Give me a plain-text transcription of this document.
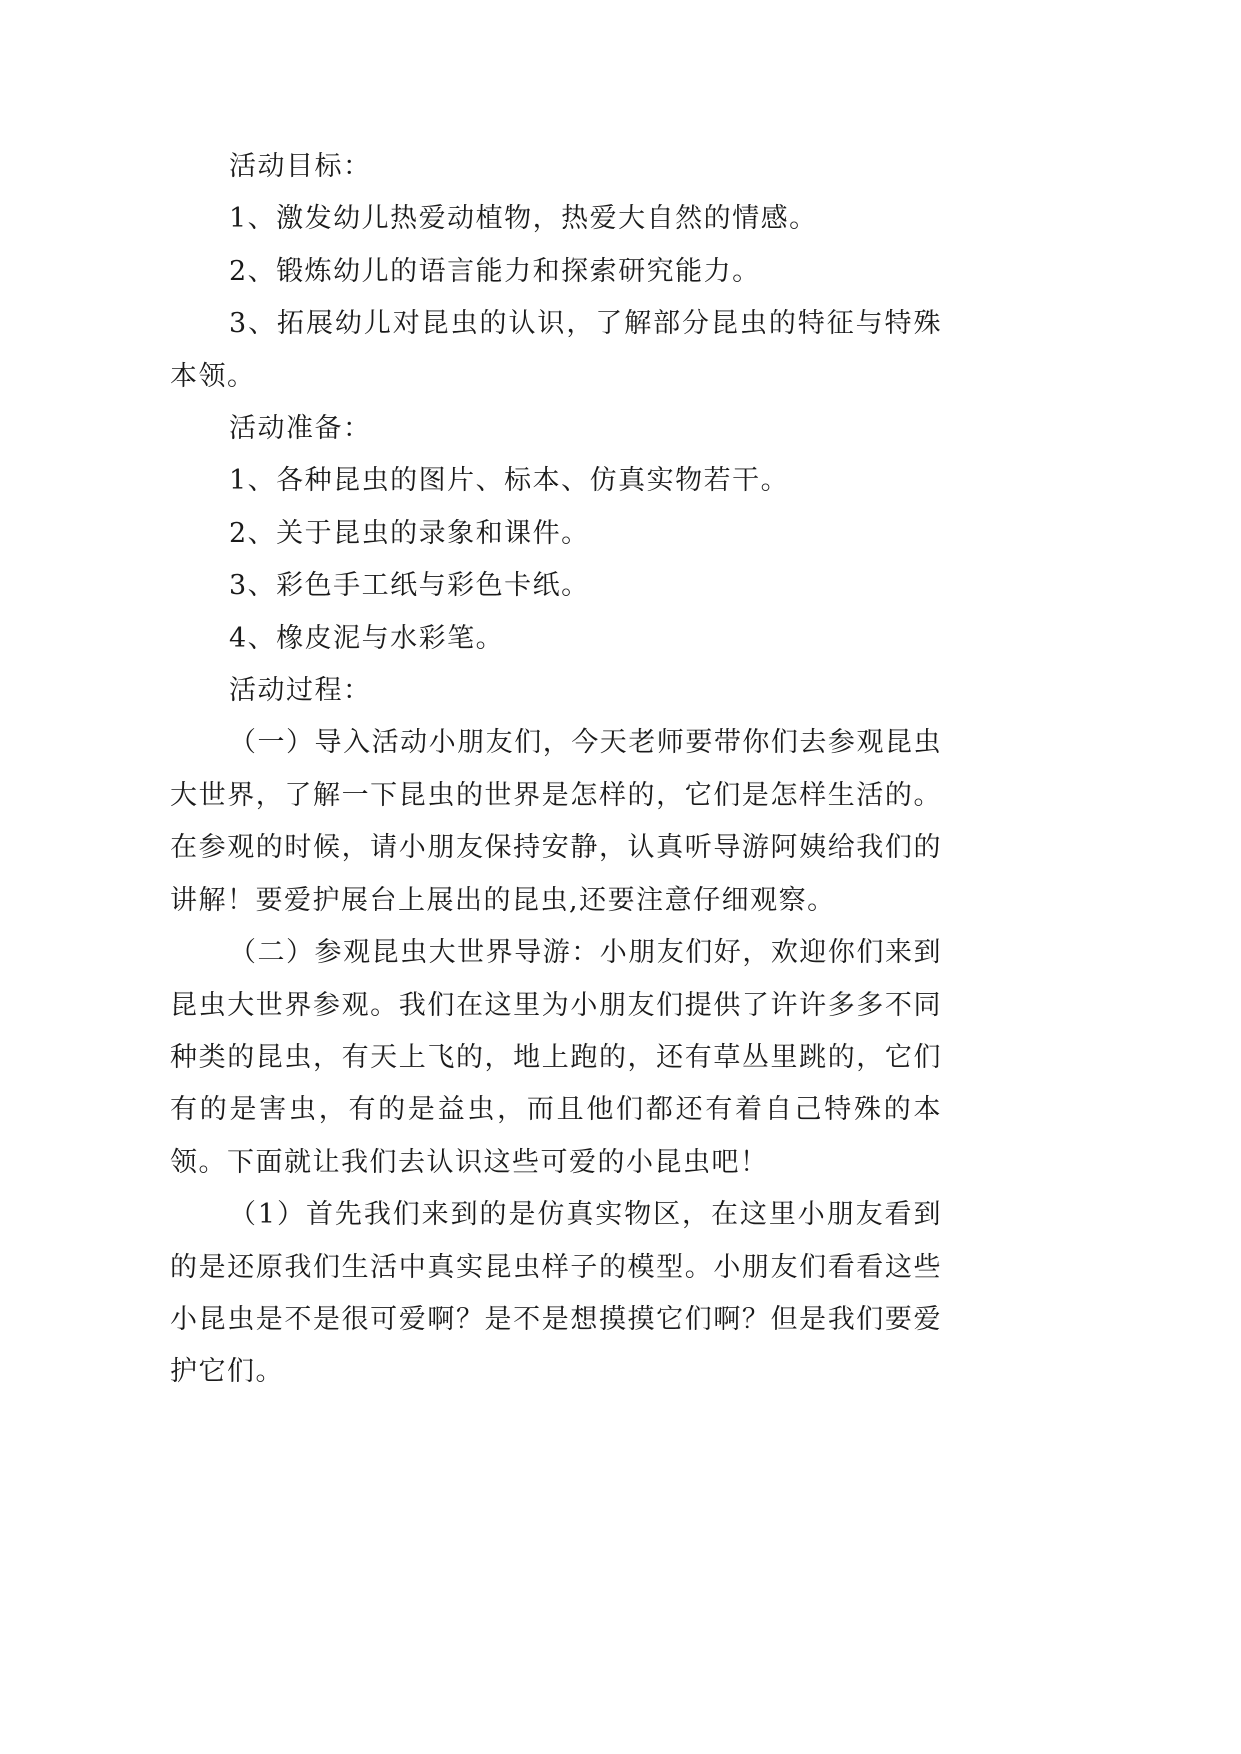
活动目标：

1、激发幼儿热爱动植物，热爱大自然的情感。

2、锻炼幼儿的语言能力和探索研究能力。

3、拓展幼儿对昆虫的认识，了解部分昆虫的特征与特殊本领。

活动准备：

1、各种昆虫的图片、标本、仿真实物若干。

2、关于昆虫的录象和课件。

3、彩色手工纸与彩色卡纸。

4、橡皮泥与水彩笔。

活动过程：

（一）导入活动小朋友们，今天老师要带你们去参观昆虫大世界，了解一下昆虫的世界是怎样的，它们是怎样生活的。在参观的时候，请小朋友保持安静，认真听导游阿姨给我们的讲解！要爱护展台上展出的昆虫,还要注意仔细观察。

（二）参观昆虫大世界导游：小朋友们好，欢迎你们来到昆虫大世界参观。我们在这里为小朋友们提供了许许多多不同种类的昆虫，有天上飞的，地上跑的，还有草丛里跳的，它们有的是害虫，有的是益虫，而且他们都还有着自己特殊的本领。下面就让我们去认识这些可爱的小昆虫吧！

（1）首先我们来到的是仿真实物区，在这里小朋友看到的是还原我们生活中真实昆虫样子的模型。小朋友们看看这些小昆虫是不是很可爱啊？是不是想摸摸它们啊？但是我们要爱护它们。
